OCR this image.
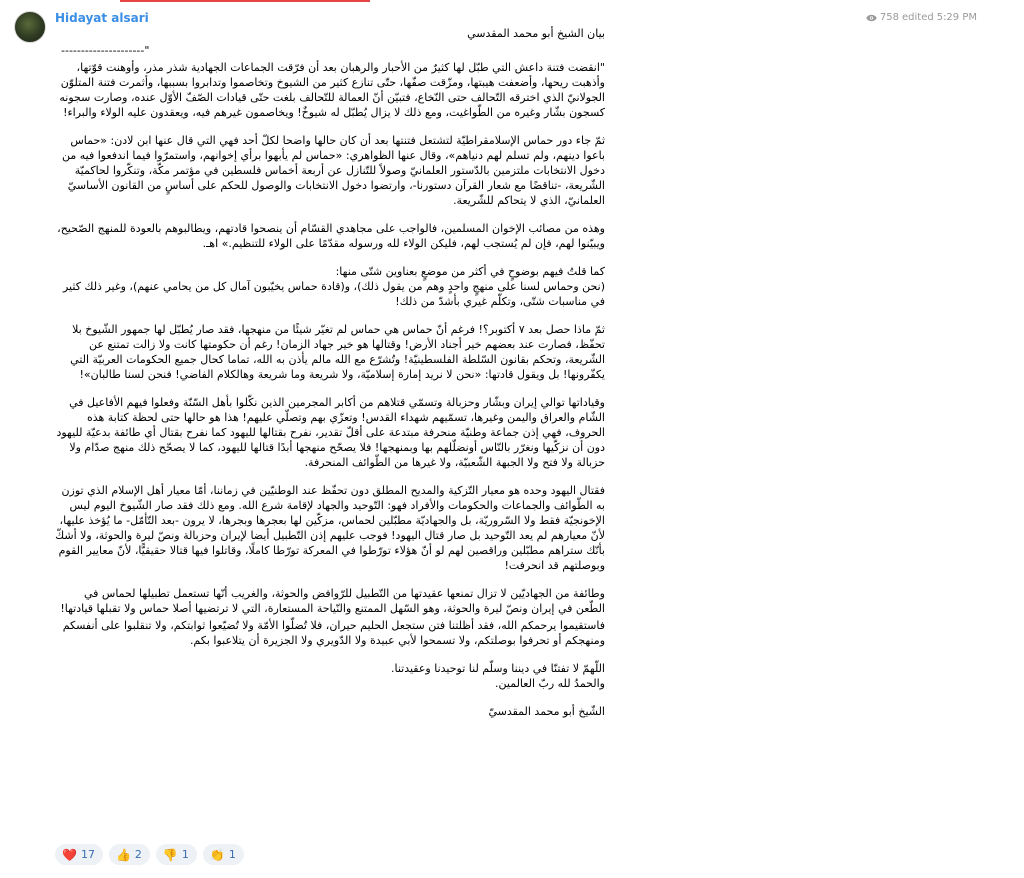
Hidayat alsari	758 edited 5:29 PM
بيان الشيخ أبو محمد المقدسي
---------------------"
"انقضت فتنة داعش التي طبّل لها كثيرٌ من الأحبار والرهبان بعد أن فرّقت الجماعات الجهادية شذر مذر، وأوهنت قوّتها، وأذهبت ريحها، وأضعفت هيبتها، ومزّقت صفّها، حتّى تنازع كثير من الشيوخ وتخاصموا وتدابروا بسببها، وأثمرت فتنة المتلوّن الجولانيّ الذي اخترقه التّحالف حتى النّخاع، فتبيّن أنّ العمالة للتّحالف بلغت حتّى قيادات الصّفّ الأوّل عنده، وصارت سجونه كسجون بشّار وغيره من الطّواغيت، ومع ذلك لا يزال يُطبّل له شيوخٌ! ويخاصمون غيرهم فيه، ويعقدون عليه الولاء والبراء!
ثمّ جاء دور حماس الإسلامقراطيّة لتشتعل فتنتها بعد أن كان حالها واضحا لكلّ أحد فهي التي قال عنها ابن لادن: «حماس باعوا دينهم، ولم تسلم لهم دنياهم»، وقال عنها الظواهري: «حماس لم يأبهوا برأي إخوانهم، واستمرّوا فيما اندفعوا فيه من دخول الانتخابات ملتزمين بالدّستور العلمانيّ وصولاً للتّنازل عن أربعة أخماس فلسطين في مؤتمر مكّة، وتنكّروا لحاكميّة الشّريعة، -تناقضًا مع شعار القرآن دستورنا-، وارتضوا دخول الانتخابات والوصول للحكم على أساسٍ من القانون الأساسيّ العلمانيّ، الذي لا يتحاكم للشّريعة.
وهذه من مصائب الإخوان المسلمين، فالواجب على مجاهدي القسّام أن ينصحوا قادتهم، ويطالبوهم بالعودة للمنهج الصّحيح، ويبيّنوا لهم، فإن لم يُستجب لهم، فليكن الولاء لله ورسوله مقدّمًا على الولاء للتنظيم.» اهـ.
كما قلتُ فيهم بوضوحٍ في أكثر من موضعٍ بعناوين شتّى منها:
(نحن وحماس لسنا على منهجٍ واحدٍ وهم من يقول ذلك)، و(قادة حماس يخيّبون آمال كل من يحامي عنهم)، وغير ذلك كثير في مناسبات شتّى، وتكلّم غيري بأشدّ من ذلك!
ثمّ ماذا حصل بعد ٧ أكتوبر؟! فرغم أنّ حماس هي حماس لم تغيّر شيئًا من منهجها، فقد صار يُطبّل لها جمهور الشّيوخ بلا تحفّظ، فصارت عند بعضهم خير أجناد الأرض! وقتالها هو خير جهاد الزمان! رغم أن حكومتها كانت ولا زالت تمتنع عن الشّريعة، وتحكم بقانون السّلطة الفلسطينيّة! وتُشرّع مع الله مالم يأذن به الله، تماما كحال جميع الحكومات العربيّة التي يكفّرونها! بل ويقول قادتها: «نحن لا نريد إمارة إسلاميّة، ولا شريعة وما شريعة وهالكلام الفاضي! فنحن لسنا طالبان»!
وقياداتها توالي إيران وبشّار وحزبالة وتسمّي قتلاهم من أكابر المجرمين الذين نكّلوا بأهل السّنّة وفعلوا فيهم الأفاعيل في الشّام والعراق واليمن وغيرها، تسمّيهم شهداء القدس! وتعزّي بهم وتصلّي عليهم! هذا هو حالها حتى لحظة كتابة هذه الحروف، فهي إذن جماعة وطنيّة منحرفة مبتدعة على أقلّ تقدير، نفرح بقتالها لليهود كما نفرح بقتال أي طائفة بدعيّة لليهود دون أن نزكّيها ونغرّر بالنّاس أونضلّلهم بها وبمنهجها! فلا يصحّح منهجها أبدًا قتالها لليهود، كما لا يصحّح ذلك منهج صدّام ولا حزبالة ولا فتح ولا الجبهة الشّعبيّة، ولا غيرها من الطّوائف المنحرفة.
فقتال اليهود وحده هو معيار التّزكية والمديح المطلق دون تحفّظ عند الوطنيّين في زماننا، أمّا معيار أهل الإسلام الذي توزن به الطّوائف والجماعات والحكومات والأفراد فهو: التّوحيد والجهاد لإقامة شرع الله. ومع ذلك فقد صار الشّيوخ اليوم ليس الإخونجيّة فقط ولا السّروريّة، بل والجهاديّة مطبّلين لحماس، مزكّين لها بعجرها وبجرها، لا يرون -بعد التّأمّل- ما يُؤخذ عليها، لأنّ معيارهم لم يعد التّوحيد بل صار قتال اليهود! فوجب عليهم إذن التّطبيل أيضا لإيران وحزبالة ونصّ ليرة والحوثة، ولا أشكّ بأنّك ستراهم مطبّلين وراقصين لهم لو أنّ هؤلاء تورّطوا في المعركة تورّطا كاملًا، وقاتلوا فيها قتالا حقيقيًّا، لأنّ معايير القوم وبوصلتهم قد انحرفت!
وطائفة من الجهاديّين لا تزال تمنعها عقيدتها من التّطبيل للرّوافض والحوثة، والغريب أنّها تستعمل تطبيلها لحماس في الطّعن في إيران ونصّ ليرة والحوثة، وهو السّهل الممتنع والنّياحة المستعارة، التي لا ترتضيها أصلا حماس ولا تقبلها قيادتها!
فاستقيموا يرحمكم الله، فقد أظلتنا فتن ستجعل الحليم حيران، فلا تُضلّوا الأمّة ولا تُضيّعوا ثوابتكم، ولا تنقلبوا على أنفسكم ومنهجكم أو تحرفوا بوصلتكم، ولا تسمحوا لأبي عبيدة ولا الدّويري ولا الجزيرة أن يتلاعبوا بكم.
اللّهمّ لا تفتنّا في ديننا وسلّم لنا توحيدنا وعقيدتنا.
والحمدُ لله ربّ العالمين.
الشّيخ أبو محمد المقدسيّ
❤️ 17 👍 2 👎 1 👏 1
